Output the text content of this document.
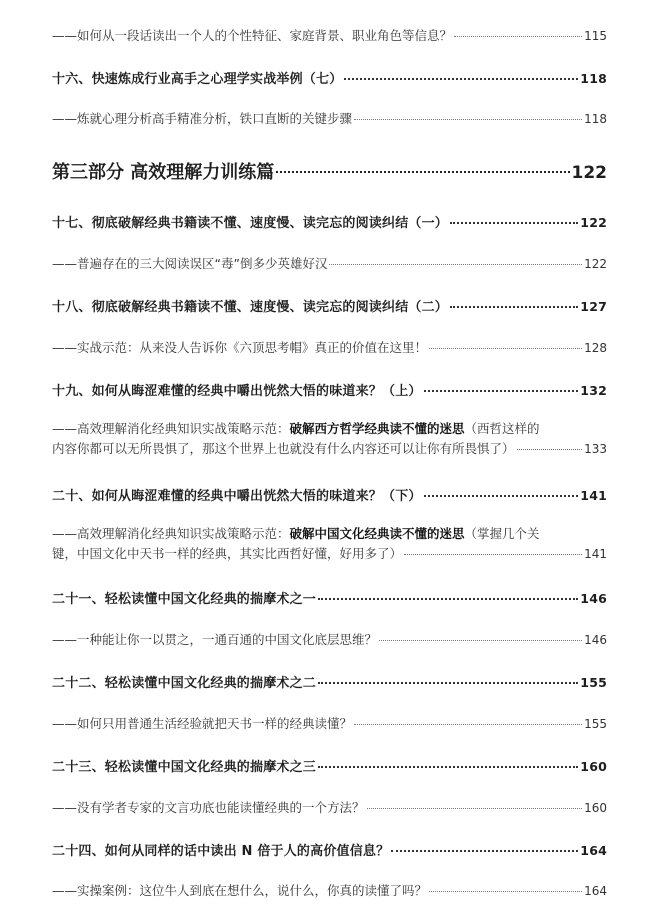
——如何从一段话读出一个人的个性特征、家庭背景、职业角色等信息？	115
十六、快速炼成行业高手之心理学实战举例（七）	118
——炼就心理分析高手精准分析，铁口直断的关键步骤	118
第三部分 高效理解力训练篇	122
十七、彻底破解经典书籍读不懂、速度慢、读完忘的阅读纠结（一）	122
——普遍存在的三大阅读误区“毒”倒多少英雄好汉	122
十八、彻底破解经典书籍读不懂、速度慢、读完忘的阅读纠结（二）	127
——实战示范：从来没人告诉你《六顶思考帽》真正的价值在这里！	128
十九、如何从晦涩难懂的经典中嚼出恍然大悟的味道来？（上）	132
——高效理解消化经典知识实战策略示范：破解西方哲学经典读不懂的迷思（西哲这样的
内容你都可以无所畏惧了，那这个世界上也就没有什么内容还可以让你有所畏惧了）	133
二十、如何从晦涩难懂的经典中嚼出恍然大悟的味道来？（下）	141
——高效理解消化经典知识实战策略示范：破解中国文化经典读不懂的迷思（掌握几个关
键，中国文化中天书一样的经典，其实比西哲好懂，好用多了）	141
二十一、轻松读懂中国文化经典的揣摩术之一	146
——一种能让你一以贯之，一通百通的中国文化底层思维？	146
二十二、轻松读懂中国文化经典的揣摩术之二	155
——如何只用普通生活经验就把天书一样的经典读懂？	155
二十三、轻松读懂中国文化经典的揣摩术之三	160
——没有学者专家的文言功底也能读懂经典的一个方法？	160
二十四、如何从同样的话中读出 N 倍于人的高价值信息？	164
——实操案例：这位牛人到底在想什么，说什么，你真的读懂了吗？	164
